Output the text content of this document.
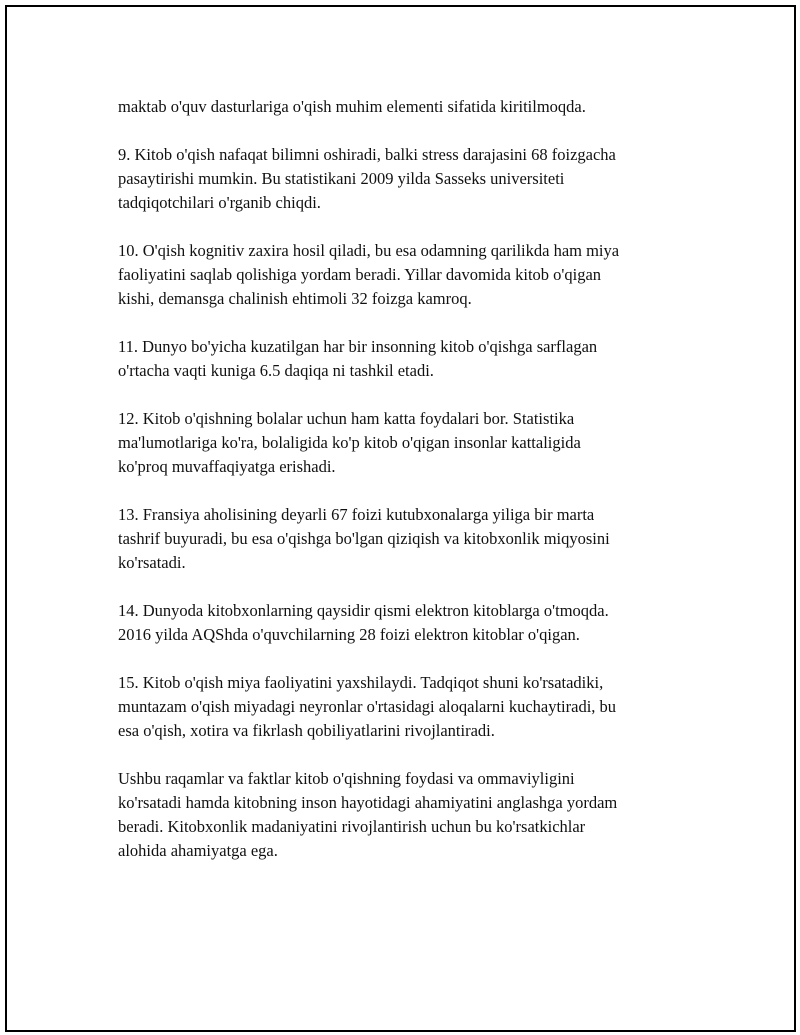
maktab o'quv dasturlariga o'qish muhim elementi sifatida kiritilmoqda.

9. Kitob o'qish nafaqat bilimni oshiradi, balki stress darajasini 68 foizgacha
pasaytirishi mumkin. Bu statistikani 2009 yilda Sasseks universiteti
tadqiqotchilari o'rganib chiqdi.

10. O'qish kognitiv zaxira hosil qiladi, bu esa odamning qarilikda ham miya
faoliyatini saqlab qolishiga yordam beradi. Yillar davomida kitob o'qigan
kishi, demansga chalinish ehtimoli 32 foizga kamroq.

11. Dunyo bo'yicha kuzatilgan har bir insonning kitob o'qishga sarflagan
o'rtacha vaqti kuniga 6.5 daqiqa ni tashkil etadi.

12. Kitob o'qishning bolalar uchun ham katta foydalari bor. Statistika
ma'lumotlariga ko'ra, bolaligida ko'p kitob o'qigan insonlar kattaligida
ko'proq muvaffaqiyatga erishadi.

13. Fransiya aholisining deyarli 67 foizi kutubxonalarga yiliga bir marta
tashrif buyuradi, bu esa o'qishga bo'lgan qiziqish va kitobxonlik miqyosini
ko'rsatadi.

14. Dunyoda kitobxonlarning qaysidir qismi elektron kitoblarga o'tmoqda.
2016 yilda AQShda o'quvchilarning 28 foizi elektron kitoblar o'qigan.

15. Kitob o'qish miya faoliyatini yaxshilaydi. Tadqiqot shuni ko'rsatadiki,
muntazam o'qish miyadagi neyronlar o'rtasidagi aloqalarni kuchaytiradi, bu
esa o'qish, xotira va fikrlash qobiliyatlarini rivojlantiradi.

Ushbu raqamlar va faktlar kitob o'qishning foydasi va ommaviyligini
ko'rsatadi hamda kitobning inson hayotidagi ahamiyatini anglashga yordam
beradi. Kitobxonlik madaniyatini rivojlantirish uchun bu ko'rsatkichlar
alohida ahamiyatga ega.
